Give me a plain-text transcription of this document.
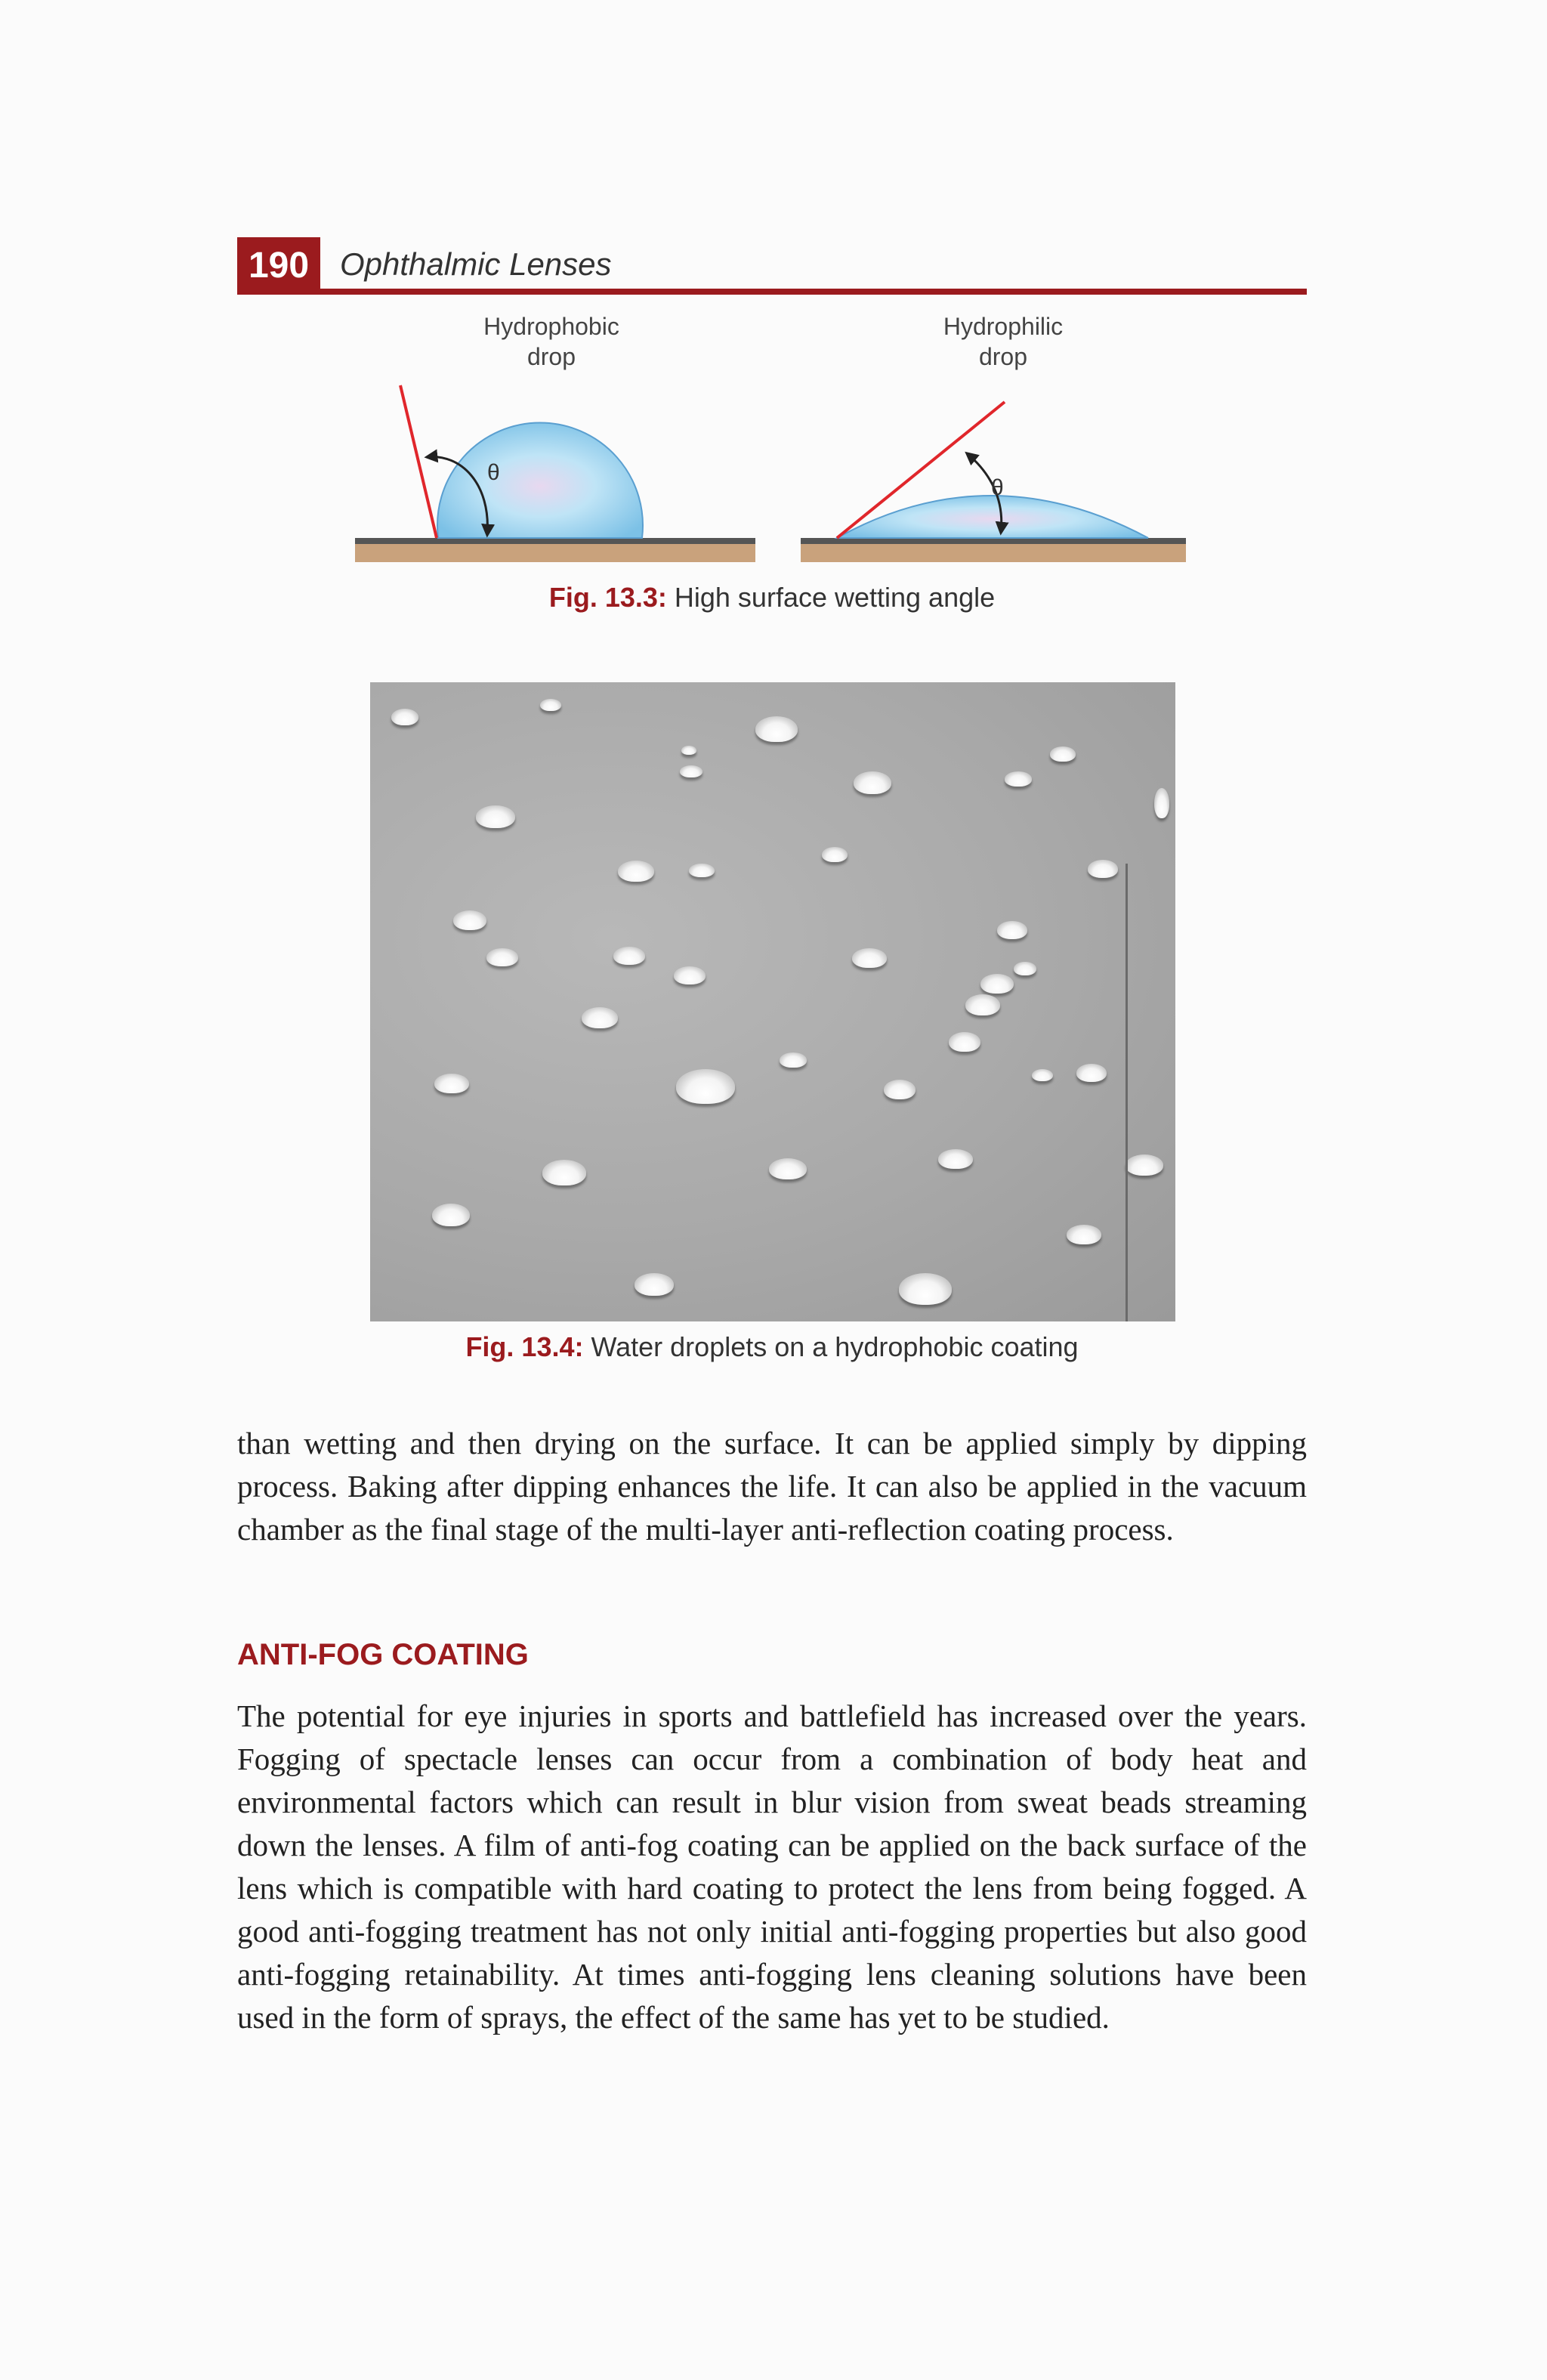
190 Ophthalmic Lenses
Hydrophobic
drop
Hydrophilic
drop
θ
θ
Fig. 13.3: High surface wetting angle
Fig. 13.4: Water droplets on a hydrophobic coating

than wetting and then drying on the surface. It can be applied simply by dipping process. Baking after dipping enhances the life. It can also be applied in the vacuum chamber as the final stage of the multi-layer anti-reflection coating process.

ANTI-FOG COATING

The potential for eye injuries in sports and battlefield has increased over the years. Fogging of spectacle lenses can occur from a combination of body heat and environmental factors which can result in blur vision from sweat beads streaming down the lenses. A film of anti-fog coating can be applied on the back surface of the lens which is compatible with hard coating to protect the lens from being fogged. A good anti-fogging treatment has not only initial anti-fogging properties but also good anti-fogging retainability. At times anti-fogging lens cleaning solutions have been used in the form of sprays, the effect of the same has yet to be studied.
